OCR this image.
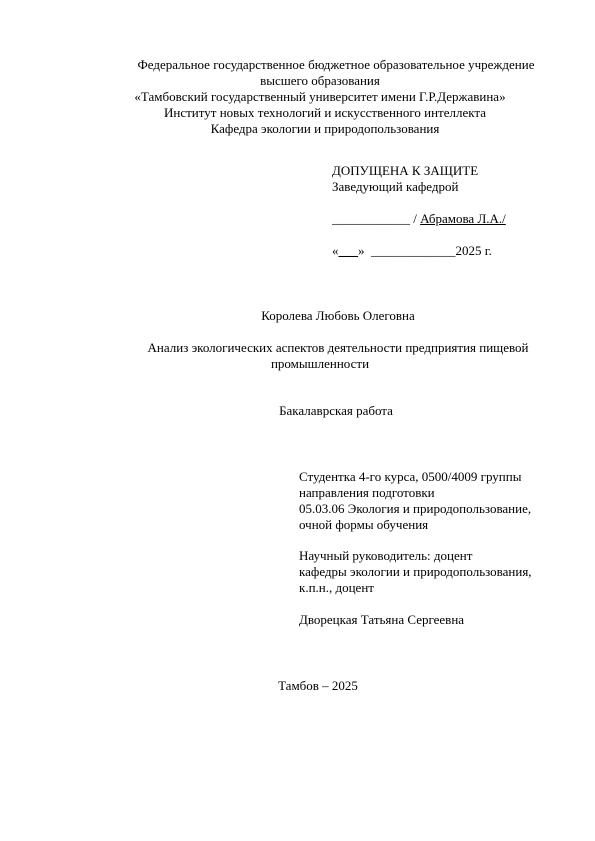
Федеральное государственное бюджетное образовательное учреждение
высшего образования
«Тамбовский государственный университет имени Г.Р.Державина»
Институт новых технологий и искусственного интеллекта
Кафедра экологии и природопользования
ДОПУЩЕНА К ЗАЩИТЕ
Заведующий кафедрой
____________ / Абрамова Л.А./
«___» _____________2025 г.
Королева Любовь Олеговна
Анализ экологических аспектов деятельности предприятия пищевой
промышленности
Бакалаврская работа
Студентка 4-го курса, 0500/4009 группы
направления подготовки
05.03.06 Экология и природопользование,
очной формы обучения
Научный руководитель: доцент
кафедры экологии и природопользования,
к.п.н., доцент
Дворецкая Татьяна Сергеевна
Тамбов – 2025
